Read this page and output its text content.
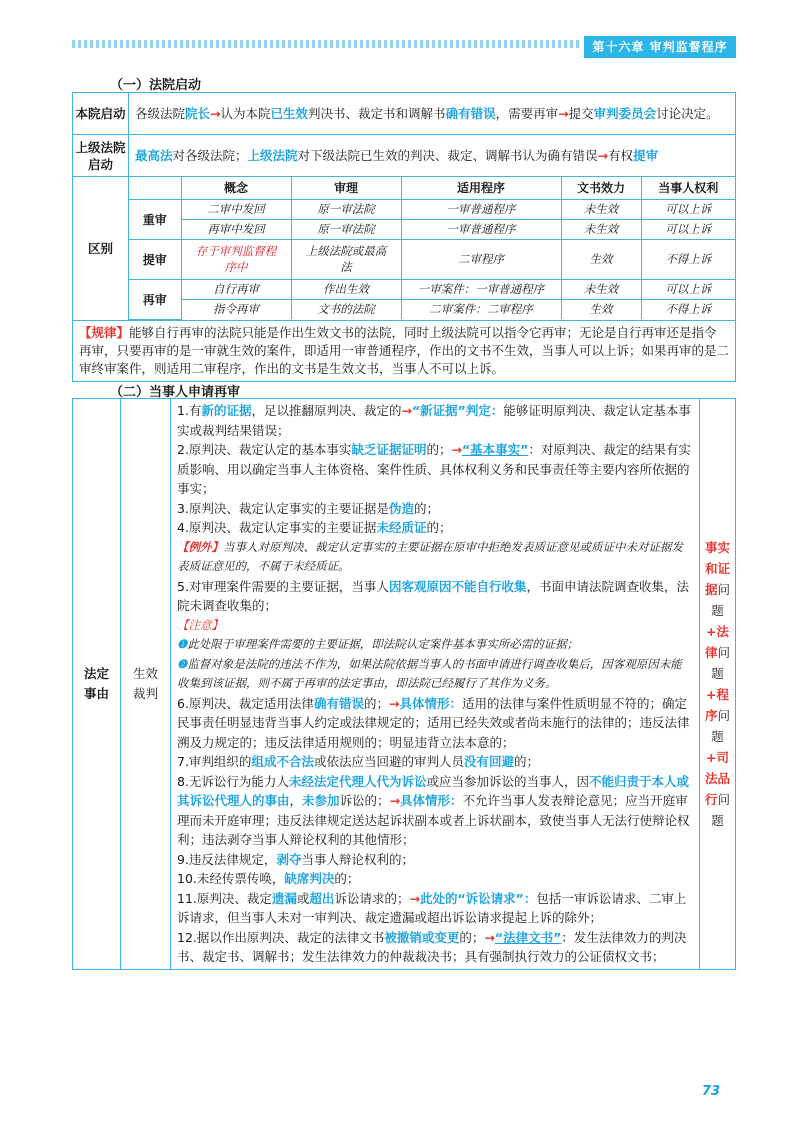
第十六章 审判监督程序
（一）法院启动
本院启动	各级法院院长→认为本院已生效判决书、裁定书和调解书确有错误，需要再审→提交审判委员会讨论决定。
上级法院启动	最高法对各级法院；上级法院对下级法院已生效的判决、裁定、调解书认为确有错误→有权提审
区别	
	概念	审理	适用程序	文书效力	当事人权利
重审	二审中发回	原一审法院	一审普通程序	未生效	可以上诉
再审中发回	原一审法院	一审普通程序	未生效	可以上诉
提审	存于审判监督程序中	上级法院或最高法	二审程序	生效	不得上诉
再审	自行再审	作出生效	一审案件：一审普通程序	未生效	可以上诉
指令再审	文书的法院	二审案件：二审程序	生效	不得上诉

【规律】能够自行再审的法院只能是作出生效文书的法院，同时上级法院可以指令它再审；无论是自行再审还是指令再审，只要再审的是一审就生效的案件，即适用一审普通程序，作出的文书不生效，当事人可以上诉；如果再审的是二审终审案件，则适用二审程序，作出的文书是生效文书，当事人不可以上诉。
（二）当事人申请再审
法定事由	生效裁判	
1.有新的证据，足以推翻原判决、裁定的→“新证据”判定：能够证明原判决、裁定认定基本事实或裁判结果错误；
2.原判决、裁定认定的基本事实缺乏证据证明的；→“基本事实”：对原判决、裁定的结果有实质影响、用以确定当事人主体资格、案件性质、具体权利义务和民事责任等主要内容所依据的事实；
3.原判决、裁定认定事实的主要证据是伪造的；
4.原判决、裁定认定事实的主要证据未经质证的；
【例外】当事人对原判决、裁定认定事实的主要证据在原审中拒绝发表质证意见或质证中未对证据发表质证意见的，不属于未经质证。
5.对审理案件需要的主要证据，当事人因客观原因不能自行收集，书面申请法院调查收集，法院未调查收集的；
【注意】
❶此处限于审理案件需要的主要证据，即法院认定案件基本事实所必需的证据；
❷监督对象是法院的违法不作为，如果法院依据当事人的书面申请进行调查收集后，因客观原因未能收集到该证据，则不属于再审的法定事由，即法院已经履行了其作为义务。
6.原判决、裁定适用法律确有错误的；→具体情形：适用的法律与案件性质明显不符的；确定民事责任明显违背当事人约定或法律规定的；适用已经失效或者尚未施行的法律的；违反法律溯及力规定的；违反法律适用规则的；明显违背立法本意的；
7.审判组织的组成不合法或依法应当回避的审判人员没有回避的；
8.无诉讼行为能力人未经法定代理人代为诉讼或应当参加诉讼的当事人，因不能归责于本人或其诉讼代理人的事由，未参加诉讼的；→具体情形：不允许当事人发表辩论意见；应当开庭审理而未开庭审理；违反法律规定送达起诉状副本或者上诉状副本，致使当事人无法行使辩论权利；违法剥夺当事人辩论权利的其他情形；
9.违反法律规定，剥夺当事人辩论权利的；
10.未经传票传唤，缺席判决的；
11.原判决、裁定遗漏或超出诉讼请求的；→此处的“诉讼请求”：包括一审诉讼请求、二审上诉请求，但当事人未对一审判决、裁定遗漏或超出诉讼请求提起上诉的除外；
12.据以作出原判决、裁定的法律文书被撤销或变更的；→“法律文书”：发生法律效力的判决书、裁定书、调解书；发生法律效力的仲裁裁决书；具有强制执行效力的公证债权文书；
	事实和证据问题+法律问题+程序问题+司法品行问题
73
